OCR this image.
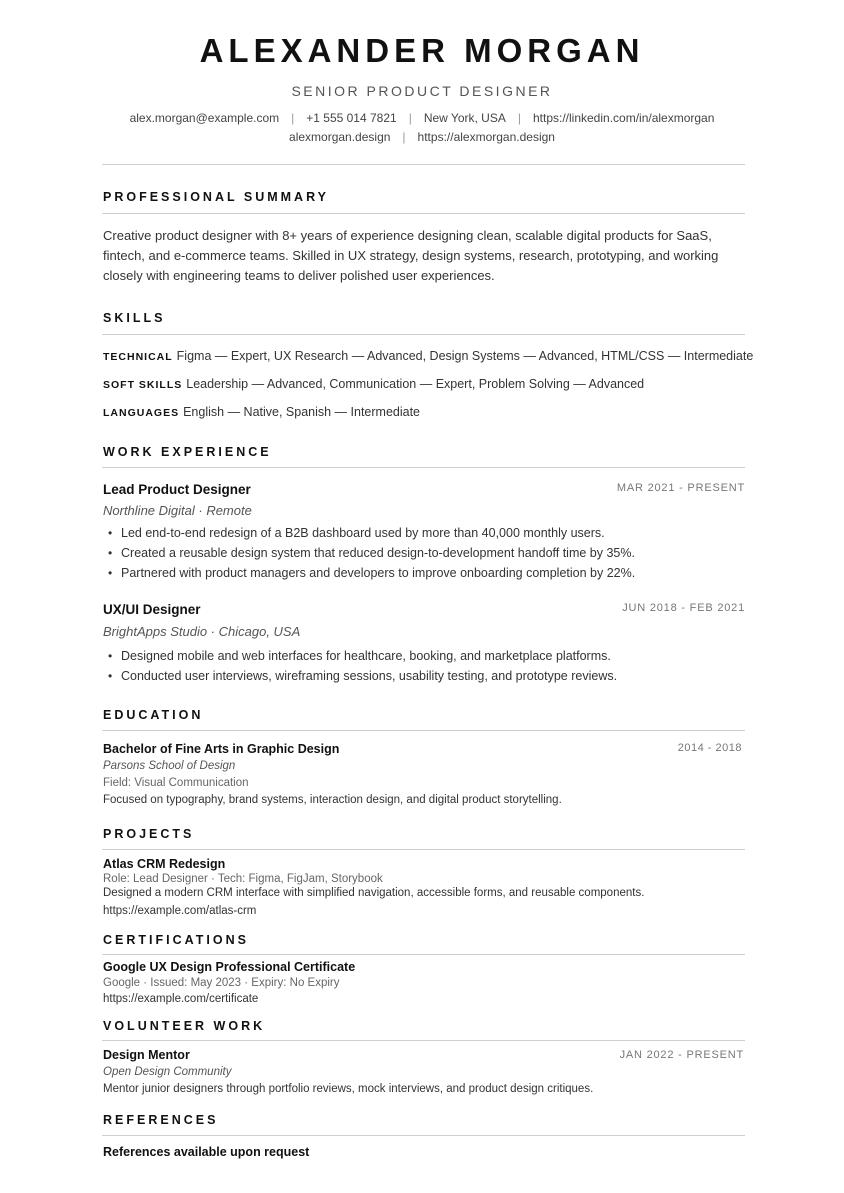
ALEXANDER MORGAN
SENIOR PRODUCT DESIGNER
alex.morgan@example.com | +1 555 014 7821 | New York, USA | https://linkedin.com/in/alexmorgan
alexmorgan.design | https://alexmorgan.design
PROFESSIONAL SUMMARY
Creative product designer with 8+ years of experience designing clean, scalable digital products for SaaS,
fintech, and e-commerce teams. Skilled in UX strategy, design systems, research, prototyping, and working
closely with engineering teams to deliver polished user experiences.
SKILLS
TECHNICAL Figma — Expert, UX Research — Advanced, Design Systems — Advanced, HTML/CSS — Intermediate
SOFT SKILLS Leadership — Advanced, Communication — Expert, Problem Solving — Advanced
LANGUAGES English — Native, Spanish — Intermediate
WORK EXPERIENCE
Lead Product Designer	MAR 2021 - PRESENT
Northline Digital · Remote
• Led end-to-end redesign of a B2B dashboard used by more than 40,000 monthly users.
• Created a reusable design system that reduced design-to-development handoff time by 35%.
• Partnered with product managers and developers to improve onboarding completion by 22%.
UX/UI Designer	JUN 2018 - FEB 2021
BrightApps Studio · Chicago, USA
• Designed mobile and web interfaces for healthcare, booking, and marketplace platforms.
• Conducted user interviews, wireframing sessions, usability testing, and prototype reviews.
EDUCATION
Bachelor of Fine Arts in Graphic Design	2014 - 2018
Parsons School of Design
Field: Visual Communication
Focused on typography, brand systems, interaction design, and digital product storytelling.
PROJECTS
Atlas CRM Redesign
Role: Lead Designer · Tech: Figma, FigJam, Storybook
Designed a modern CRM interface with simplified navigation, accessible forms, and reusable components.
https://example.com/atlas-crm
CERTIFICATIONS
Google UX Design Professional Certificate
Google · Issued: May 2023 · Expiry: No Expiry
https://example.com/certificate
VOLUNTEER WORK
Design Mentor	JAN 2022 - PRESENT
Open Design Community
Mentor junior designers through portfolio reviews, mock interviews, and product design critiques.
REFERENCES
References available upon request
